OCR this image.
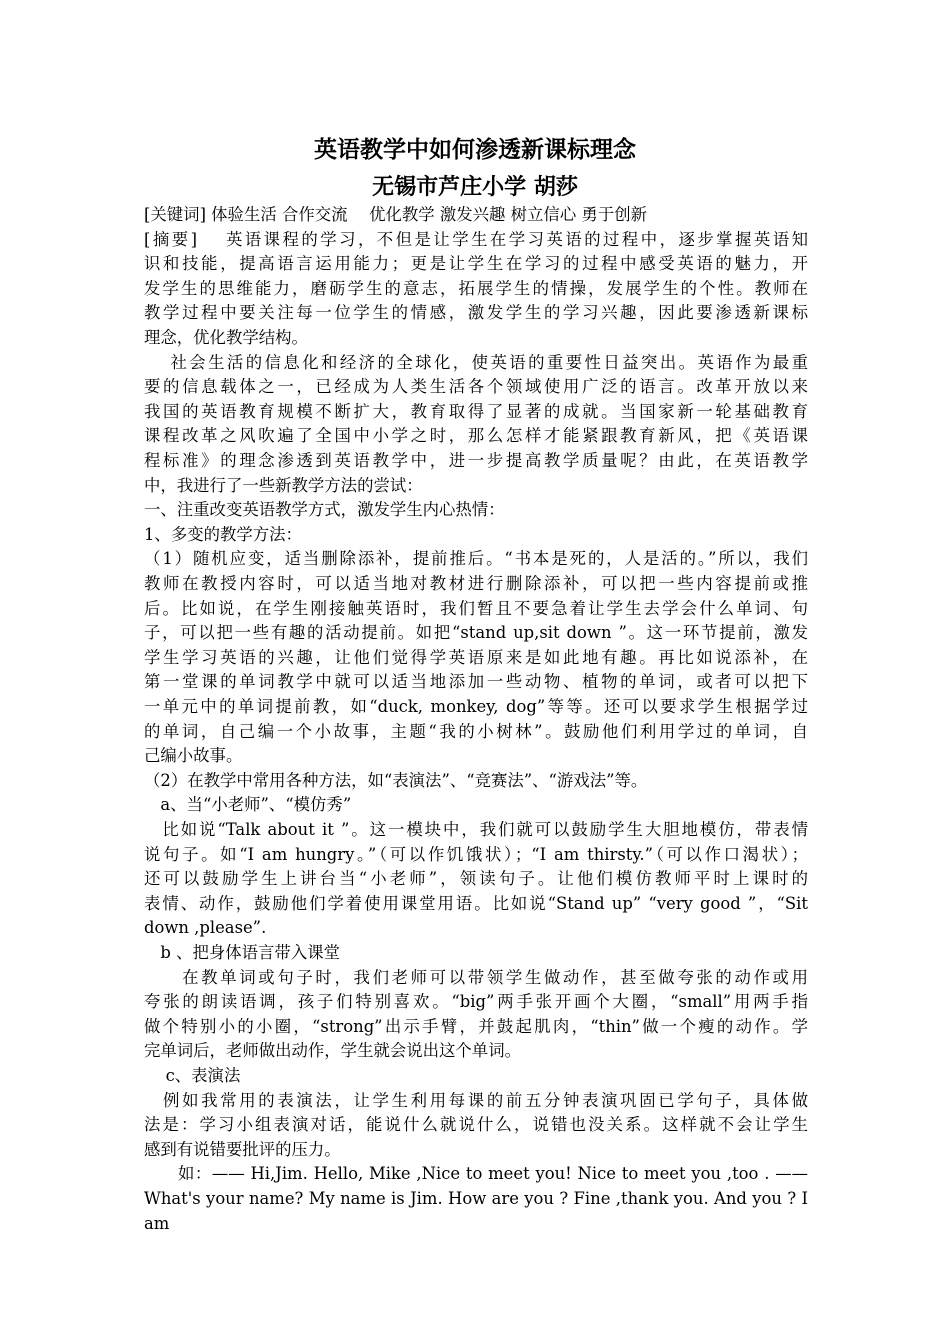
英语教学中如何渗透新课标理念
无锡市芦庄小学 胡莎
[关键词] 体验生活 合作交流　 优化教学 激发兴趣 树立信心 勇于创新
[摘要]　 英语课程的学习，不但是让学生在学习英语的过程中，逐步掌握英语知
识和技能，提高语言运用能力；更是让学生在学习的过程中感受英语的魅力，开
发学生的思维能力，磨砺学生的意志，拓展学生的情操，发展学生的个性。教师在
教学过程中要关注每一位学生的情感，激发学生的学习兴趣，因此要渗透新课标
理念，优化教学结构。
　 社会生活的信息化和经济的全球化，使英语的重要性日益突出。英语作为最重
要的信息载体之一，已经成为人类生活各个领域使用广泛的语言。改革开放以来
我国的英语教育规模不断扩大，教育取得了显著的成就。当国家新一轮基础教育
课程改革之风吹遍了全国中小学之时，那么怎样才能紧跟教育新风，把《英语课
程标准》的理念渗透到英语教学中，进一步提高教学质量呢？由此，在英语教学
中，我进行了一些新教学方法的尝试：
一、注重改变英语教学方式，激发学生内心热情：
1、多变的教学方法：
（1）随机应变，适当删除添补，提前推后。“书本是死的，人是活的。”所以，我们
教师在教授内容时，可以适当地对教材进行删除添补，可以把一些内容提前或推
后。比如说，在学生刚接触英语时，我们暂且不要急着让学生去学会什么单词、句
子，可以把一些有趣的活动提前。如把“stand up,sit down ”。这一环节提前，激发
学生学习英语的兴趣，让他们觉得学英语原来是如此地有趣。再比如说添补，在
第一堂课的单词教学中就可以适当地添加一些动物、植物的单词，或者可以把下
一单元中的单词提前教，如“duck, monkey, dog”等等。还可以要求学生根据学过
的单词，自己编一个小故事，主题“我的小树林”。鼓励他们利用学过的单词，自
己编小故事。
（2）在教学中常用各种方法，如“表演法”、“竞赛法”、“游戏法”等。
　a、当“小老师”、“模仿秀”
　比如说“Talk about it ”。这一模块中，我们就可以鼓励学生大胆地模仿，带表情
说句子。如“I am hungry。”（可以作饥饿状）；“I am thirsty.”（可以作口渴状）；
还可以鼓励学生上讲台当“小老师”，领读句子。让他们模仿教师平时上课时的
表情、动作，鼓励他们学着使用课堂用语。比如说“Stand up” “very good ”，“Sit
down ,please”.
　b 、把身体语言带入课堂
　　在教单词或句子时，我们老师可以带领学生做动作，甚至做夸张的动作或用
夸张的朗读语调，孩子们特别喜欢。“big”两手张开画个大圈，“small”用两手指
做个特别小的小圈，“strong”出示手臂，并鼓起肌肉，“thin”做一个瘦的动作。学
完单词后，老师做出动作，学生就会说出这个单词。
　 c、表演法
　例如我常用的表演法，让学生利用每课的前五分钟表演巩固已学句子，具体做
法是：学习小组表演对话，能说什么就说什么，说错也没关系。这样就不会让学生
感到有说错要批评的压力。
　　如：—— Hi,Jim. Hello, Mike ,Nice to meet you! Nice to meet you ,too . ——
What's your name? My name is Jim. How are you ? Fine ,thank you. And you ? I am
